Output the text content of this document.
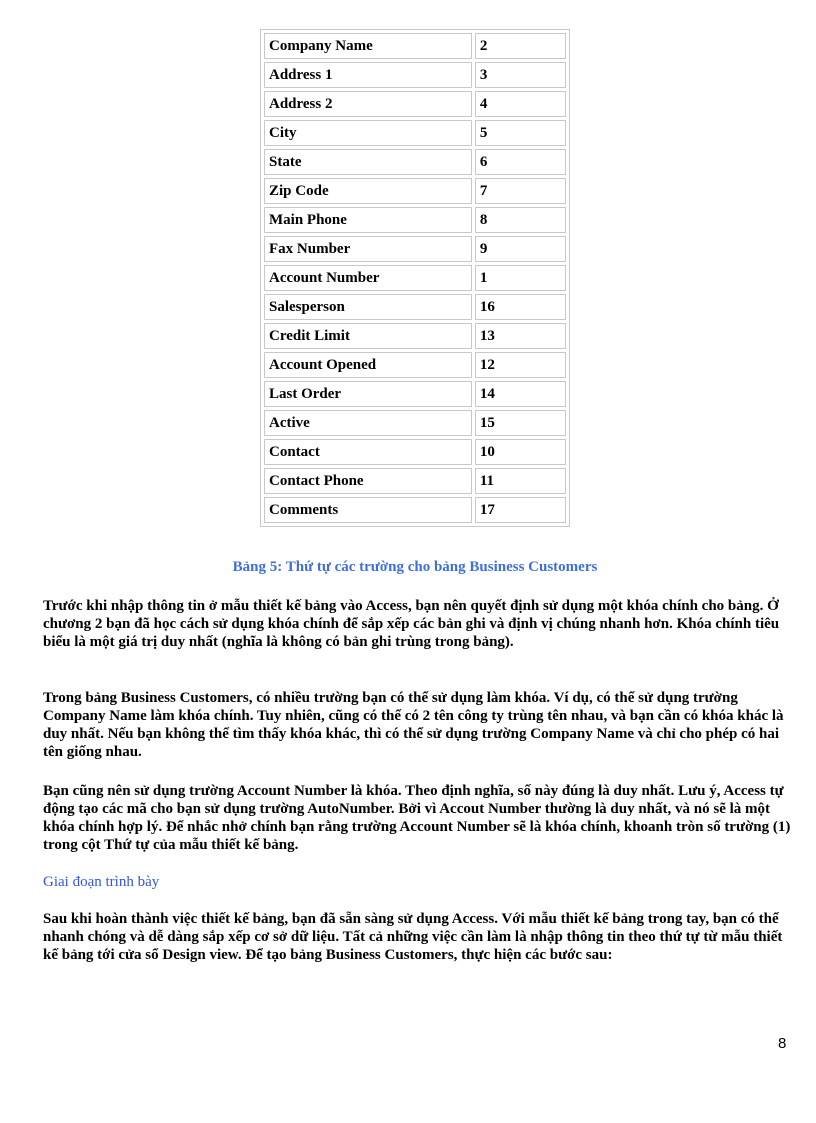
Company Name	2
Address 1	3
Address 2	4
City	5
State	6
Zip Code	7
Main Phone	8
Fax Number	9
Account Number	1
Salesperson	16
Credit Limit	13
Account Opened	12
Last Order	14
Active	15
Contact	10
Contact Phone	11
Comments	17
Bảng 5: Thứ tự các trường cho bảng Business Customers

Trước khi nhập thông tin ở mẫu thiết kế bảng vào Access, bạn nên quyết định sử dụng một khóa chính cho bảng. Ở chương 2 bạn đã học cách sử dụng khóa chính để sắp xếp các bản ghi và định vị chúng nhanh hơn. Khóa chính tiêu biểu là một giá trị duy nhất (nghĩa là không có bản ghi trùng trong bảng).

Trong bảng Business Customers, có nhiều trường bạn có thể sử dụng làm khóa. Ví dụ, có thể sử dụng trường Company Name làm khóa chính. Tuy nhiên, cũng có thể có 2 tên công ty trùng tên nhau, và bạn cần có khóa khác là duy nhất. Nếu bạn không thể tìm thấy khóa khác, thì có thể sử dụng trường Company Name và chỉ cho phép có hai tên giống nhau.

Bạn cũng nên sử dụng trường Account Number là khóa. Theo định nghĩa, số này đúng là duy nhất. Lưu ý, Access tự động tạo các mã cho bạn sử dụng trường AutoNumber. Bởi vì Accout Number thường là duy nhất, và nó sẽ là một khóa chính hợp lý. Để nhắc nhở chính bạn rằng trường Account Number sẽ là khóa chính, khoanh tròn số trường (1) trong cột Thứ tự của mẫu thiết kế bảng.

Giai đoạn trình bày

Sau khi hoàn thành việc thiết kế bảng, bạn đã sẵn sàng sử dụng Access. Với mẫu thiết kế bảng trong tay, bạn có thể nhanh chóng và dễ dàng sắp xếp cơ sở dữ liệu. Tất cả những việc cần làm là nhập thông tin theo thứ tự từ mẫu thiết kế bảng tới cửa sổ Design view. Để tạo bảng Business Customers, thực hiện các bước sau:

8
